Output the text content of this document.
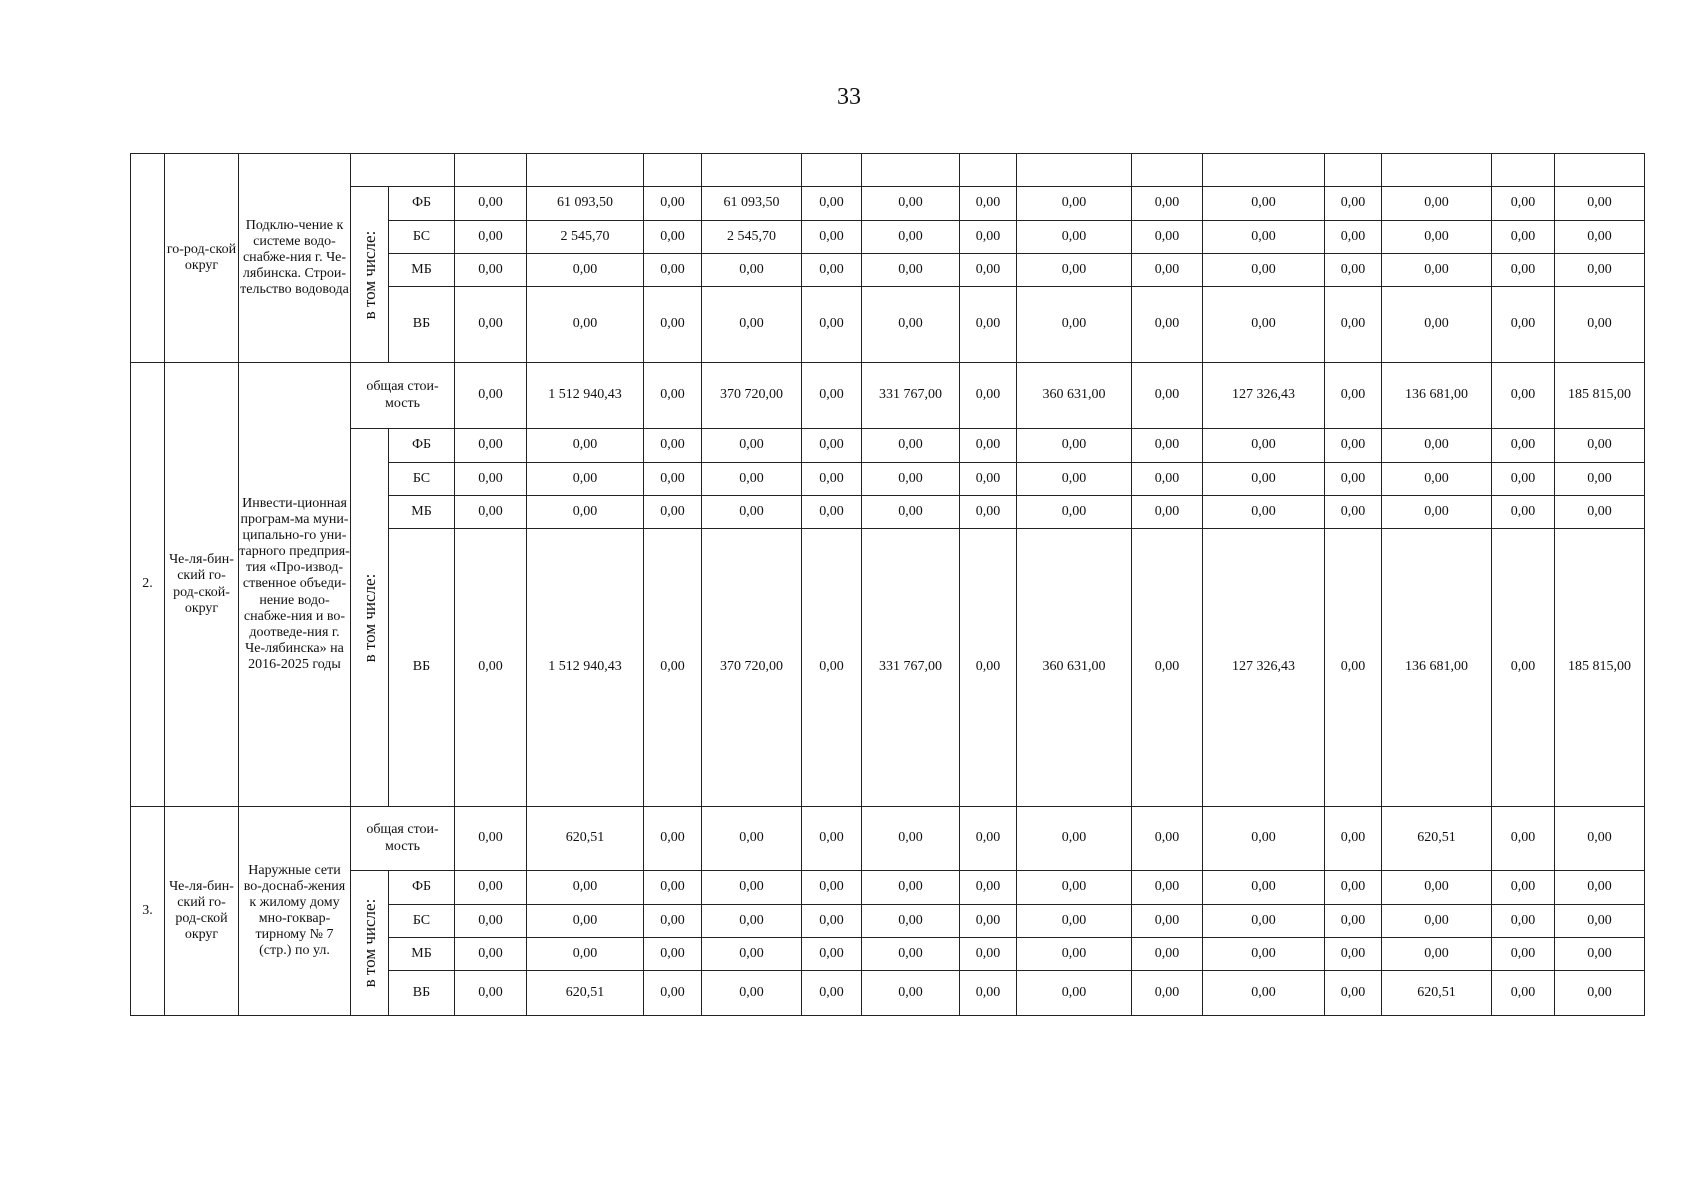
33
	го-род-ской округ	Подклю-чение к системе водо-снабже-ния г. Че-лябинска. Строи-тельство водовода																

			в том числе:	ФБ	0,00	61 093,50	0,00	61 093,50	0,00	0,00	0,00	0,00	0,00	0,00	0,00	0,00	0,00	0,00
				БС	0,00	2 545,70	0,00	2 545,70	0,00	0,00	0,00	0,00	0,00	0,00	0,00	0,00	0,00	0,00
				МБ	0,00	0,00	0,00	0,00	0,00	0,00	0,00	0,00	0,00	0,00	0,00	0,00	0,00	0,00
				ВБ	0,00	0,00	0,00	0,00	0,00	0,00	0,00	0,00	0,00	0,00	0,00	0,00	0,00	0,00
2.	Че-ля-бин-ский го-род-ской-округ	Инвести-ционная програм-ма муни-ципально-го уни-тарного предприя-тия «Про-извод-ственное объеди-нение водо-снабже-ния и во-доотведе-ния г. Че-лябинска» на 2016-2025 годы	общая стои-мость		0,00	1 512 940,43	0,00	370 720,00	0,00	331 767,00	0,00	360 631,00	0,00	127 326,43	0,00	136 681,00	0,00	185 815,00

			в том числе:	ФБ	0,00	0,00	0,00	0,00	0,00	0,00	0,00	0,00	0,00	0,00	0,00	0,00	0,00	0,00
				БС	0,00	0,00	0,00	0,00	0,00	0,00	0,00	0,00	0,00	0,00	0,00	0,00	0,00	0,00
				МБ	0,00	0,00	0,00	0,00	0,00	0,00	0,00	0,00	0,00	0,00	0,00	0,00	0,00	0,00
				ВБ	0,00	1 512 940,43	0,00	370 720,00	0,00	331 767,00	0,00	360 631,00	0,00	127 326,43	0,00	136 681,00	0,00	185 815,00
3.	Че-ля-бин-ский го-род-ской округ	Наружные сети во-доснаб-жения к жилому дому мно-гоквар-тирному № 7 (стр.) по ул.	общая стои-мость		0,00	620,51	0,00	0,00	0,00	0,00	0,00	0,00	0,00	0,00	0,00	620,51	0,00	0,00

			в том числе:	ФБ	0,00	0,00	0,00	0,00	0,00	0,00	0,00	0,00	0,00	0,00	0,00	0,00	0,00	0,00
				БС	0,00	0,00	0,00	0,00	0,00	0,00	0,00	0,00	0,00	0,00	0,00	0,00	0,00	0,00
				МБ	0,00	0,00	0,00	0,00	0,00	0,00	0,00	0,00	0,00	0,00	0,00	0,00	0,00	0,00
				ВБ	0,00	620,51	0,00	0,00	0,00	0,00	0,00	0,00	0,00	0,00	0,00	620,51	0,00	0,00
